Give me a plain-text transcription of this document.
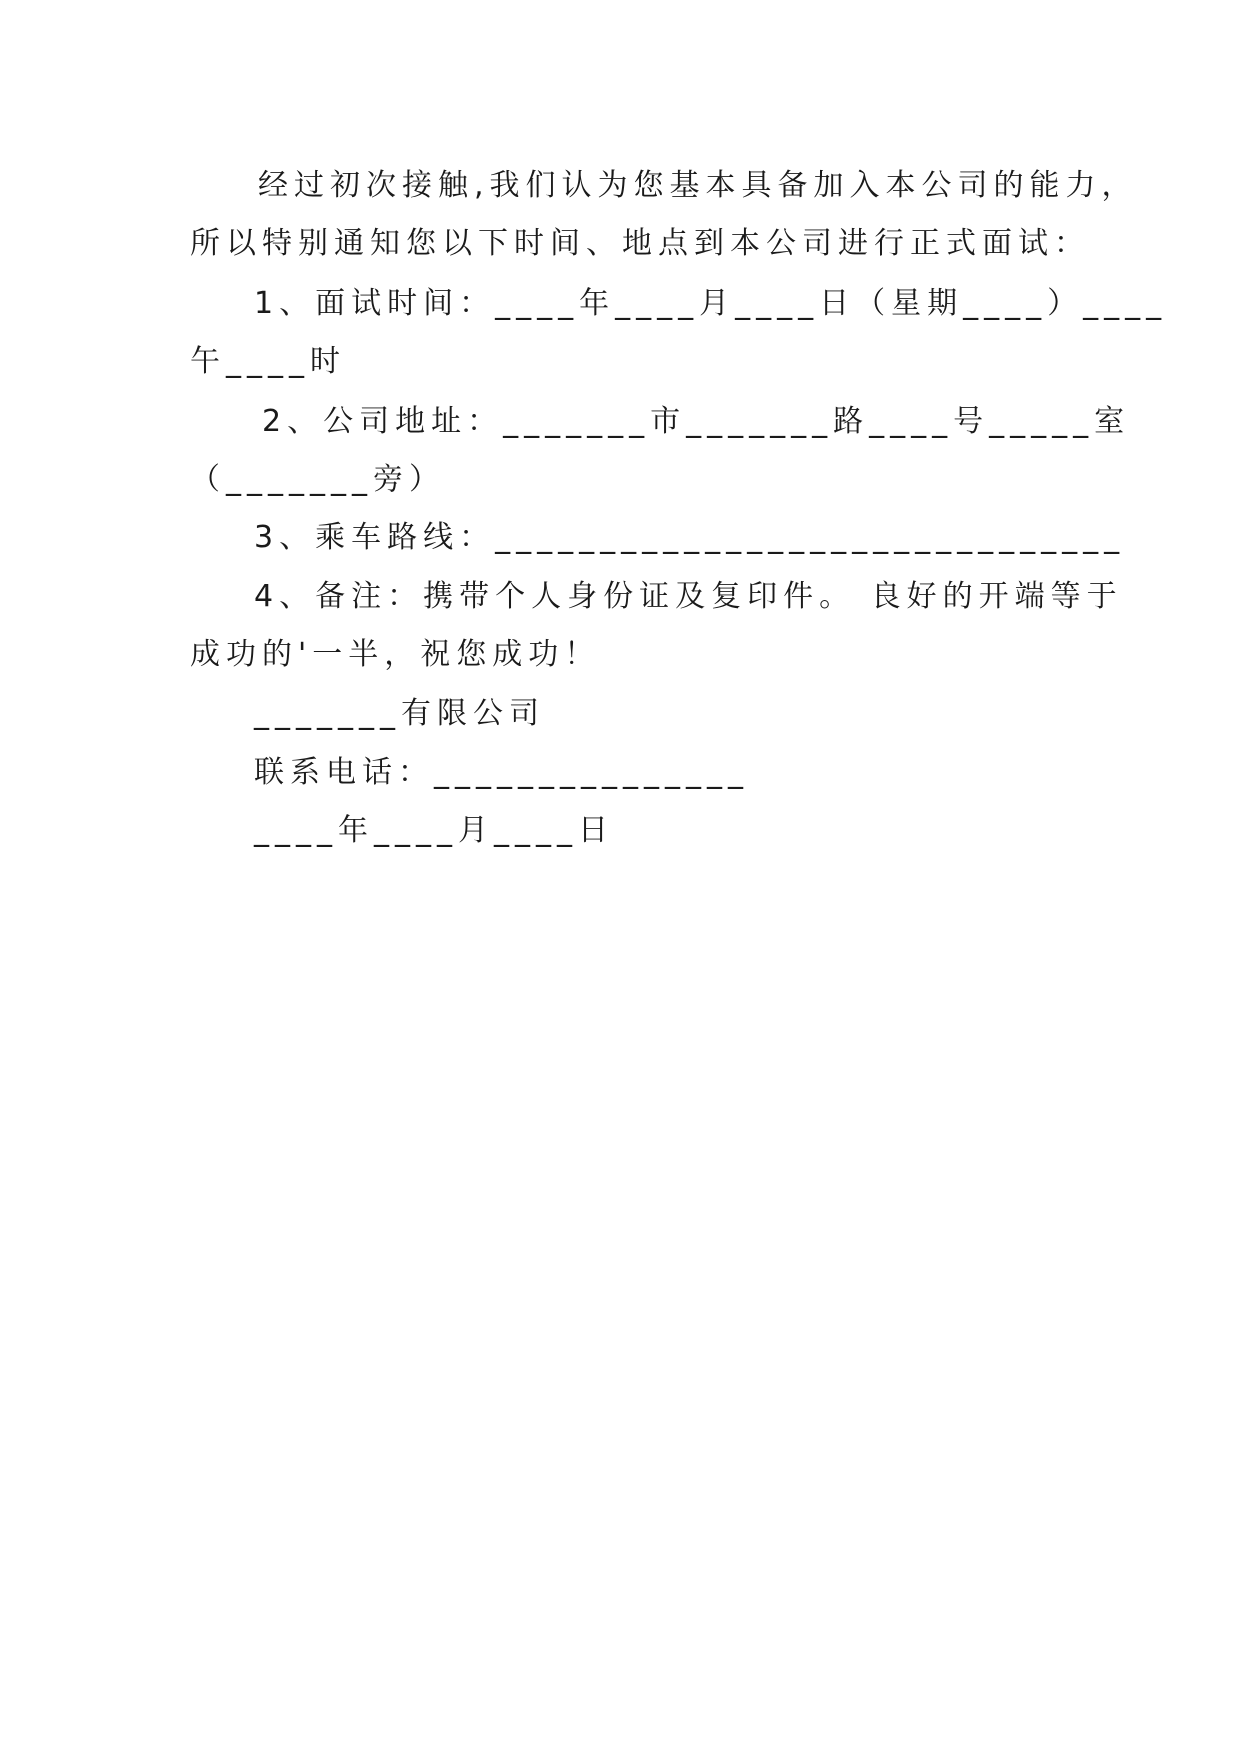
经过初次接触,我们认为您基本具备加入本公司的能力，
所以特别通知您以下时间、地点到本公司进行正式面试：
1、面试时间：____年____月____日（星期____）____
午____时
2、公司地址：_______市_______路____号_____室
（_______旁）
3、乘车路线：______________________________
4、备注：携带个人身份证及复印件。 良好的开端等于
成功的'一半，祝您成功！
_______有限公司
联系电话：_______________
____年____月____日
